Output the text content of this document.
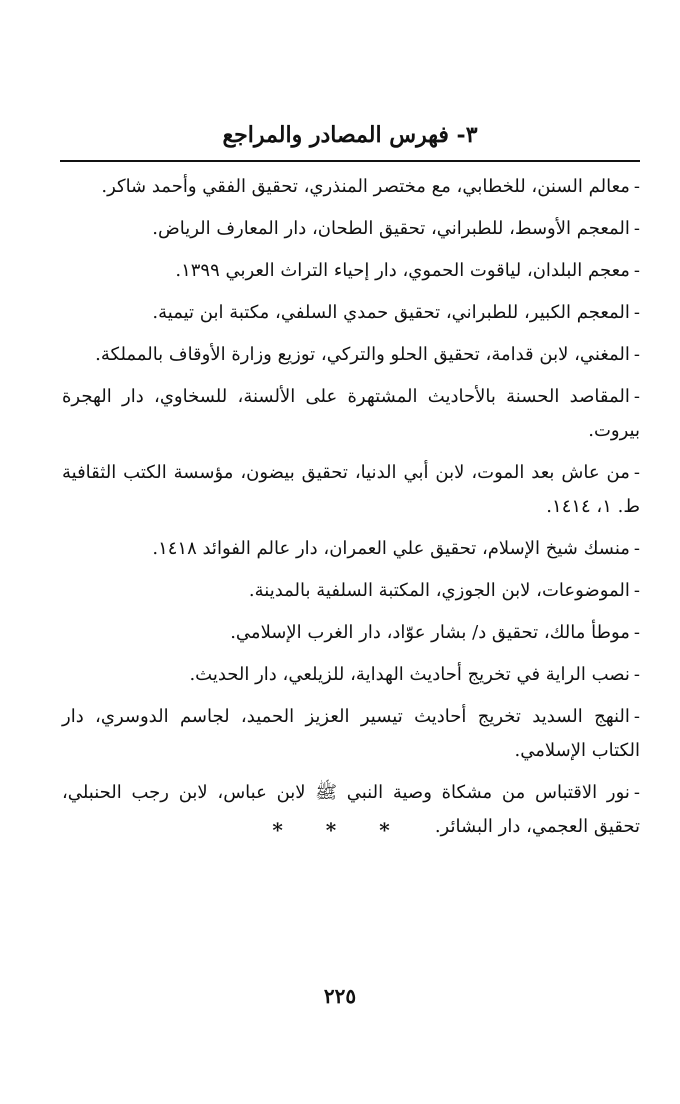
٣- فهرس المصادر والمراجع
-معالم السنن، للخطابي، مع مختصر المنذري، تحقيق الفقي وأحمد شاكر.
-المعجم الأوسط، للطبراني، تحقيق الطحان، دار المعارف الرياض.
-معجم البلدان، لياقوت الحموي، دار إحياء التراث العربي ١٣٩٩.
-المعجم الكبير، للطبراني، تحقيق حمدي السلفي، مكتبة ابن تيمية.
-المغني، لابن قدامة، تحقيق الحلو والتركي، توزيع وزارة الأوقاف بالمملكة.
-المقاصد الحسنة بالأحاديث المشتهرة على الألسنة، للسخاوي، دار الهجرة بيروت.
-من عاش بعد الموت، لابن أبي الدنيا، تحقيق بيضون، مؤسسة الكتب الثقافية ط. ١، ١٤١٤.
-منسك شيخ الإسلام، تحقيق علي العمران، دار عالم الفوائد ١٤١٨.
-الموضوعات، لابن الجوزي، المكتبة السلفية بالمدينة.
-موطأ مالك، تحقيق د/ بشار عوّاد، دار الغرب الإسلامي.
-نصب الراية في تخريج أحاديث الهداية، للزيلعي، دار الحديث.
-النهج السديد تخريج أحاديث تيسير العزيز الحميد، لجاسم الدوسري، دار الكتاب الإسلامي.
-نور الاقتباس من مشكاة وصية النبي ﷺ لابن عباس، لابن رجب الحنبلي، تحقيق العجمي، دار البشائر.
* * *
٢٢٥
